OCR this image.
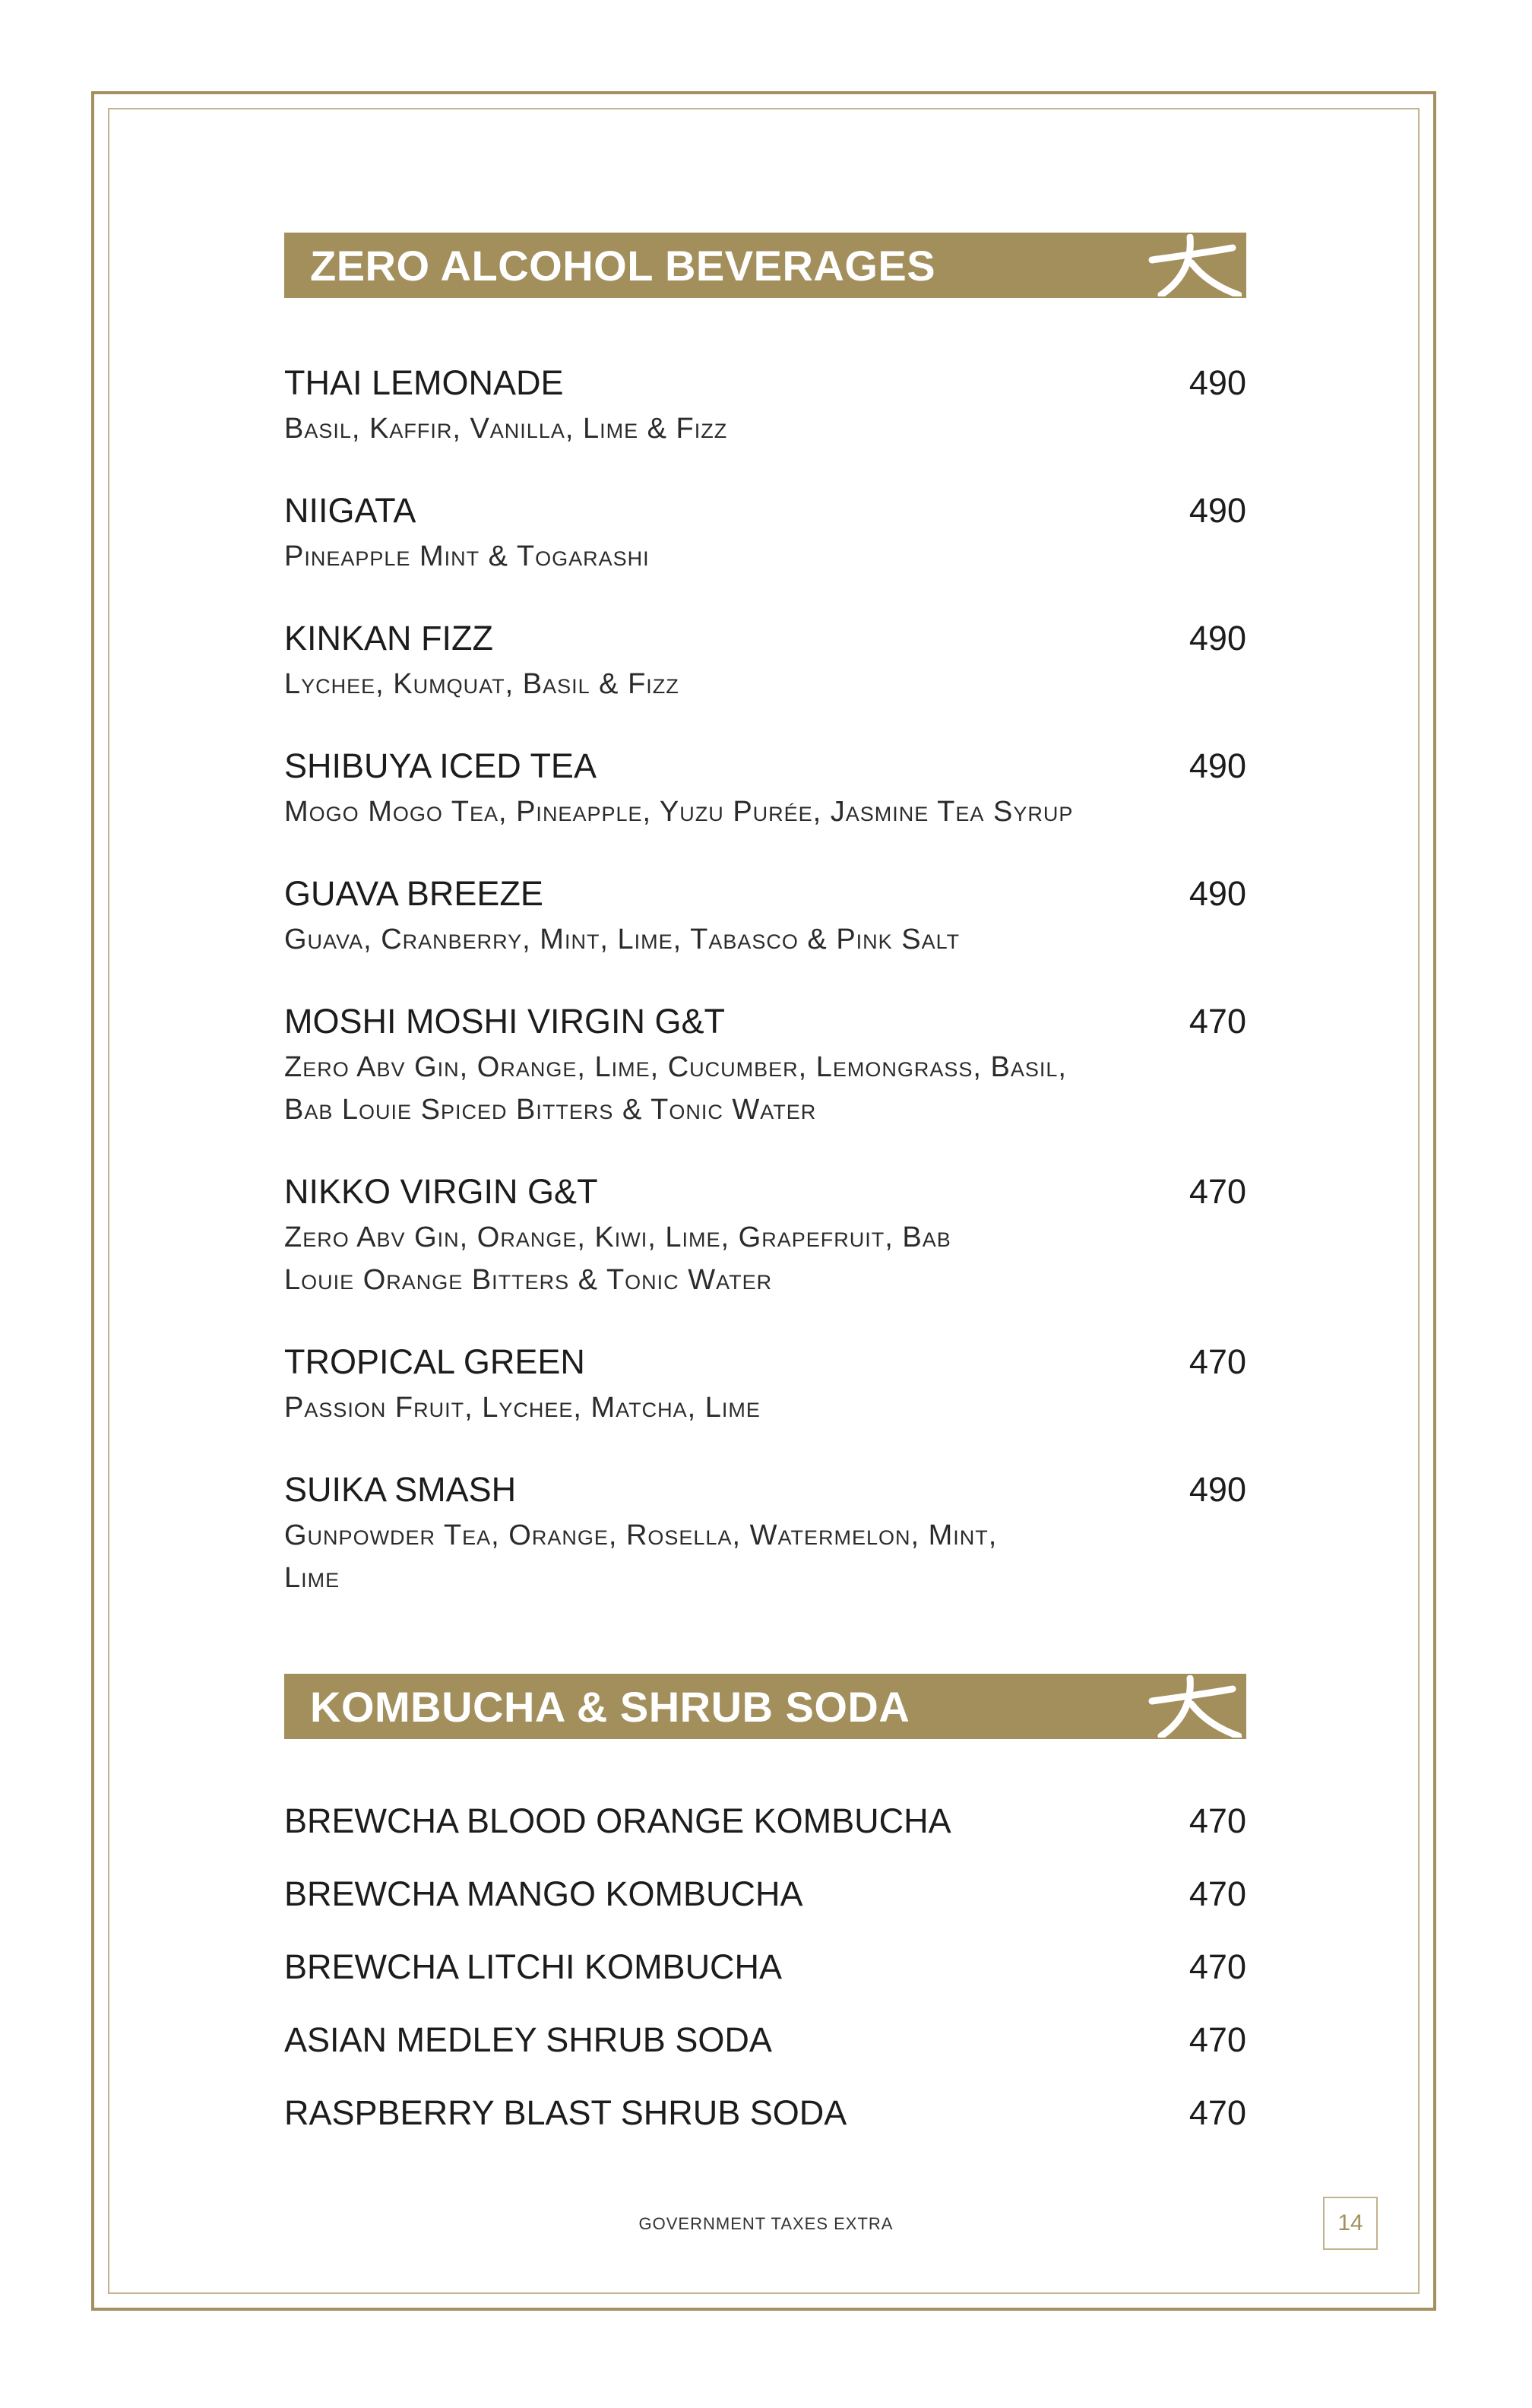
ZERO ALCOHOL BEVERAGES
THAI LEMONADE	490
Basil, Kaffir, Vanilla, Lime & Fizz
NIIGATA	490
Pineapple Mint & Togarashi
KINKAN FIZZ	490
Lychee, Kumquat, Basil & Fizz
SHIBUYA ICED TEA	490
Mogo Mogo Tea, Pineapple, Yuzu Purée, Jasmine Tea Syrup
GUAVA BREEZE	490
Guava, Cranberry, Mint, Lime, Tabasco & Pink Salt
MOSHI MOSHI VIRGIN G&T	470
Zero Abv Gin, Orange, Lime, Cucumber, Lemongrass, Basil, Bab Louie Spiced Bitters & Tonic Water
NIKKO VIRGIN G&T	470
Zero Abv Gin, Orange, Kiwi, Lime, Grapefruit, Bab Louie Orange Bitters & Tonic Water
TROPICAL GREEN	470
Passion Fruit, Lychee, Matcha, Lime
SUIKA SMASH	490
Gunpowder Tea, Orange, Rosella, Watermelon, Mint, Lime
KOMBUCHA & SHRUB SODA
BREWCHA BLOOD ORANGE KOMBUCHA	470
BREWCHA MANGO KOMBUCHA	470
BREWCHA LITCHI KOMBUCHA	470
ASIAN MEDLEY SHRUB SODA	470
RASPBERRY BLAST SHRUB SODA	470
GOVERNMENT TAXES EXTRA	14
